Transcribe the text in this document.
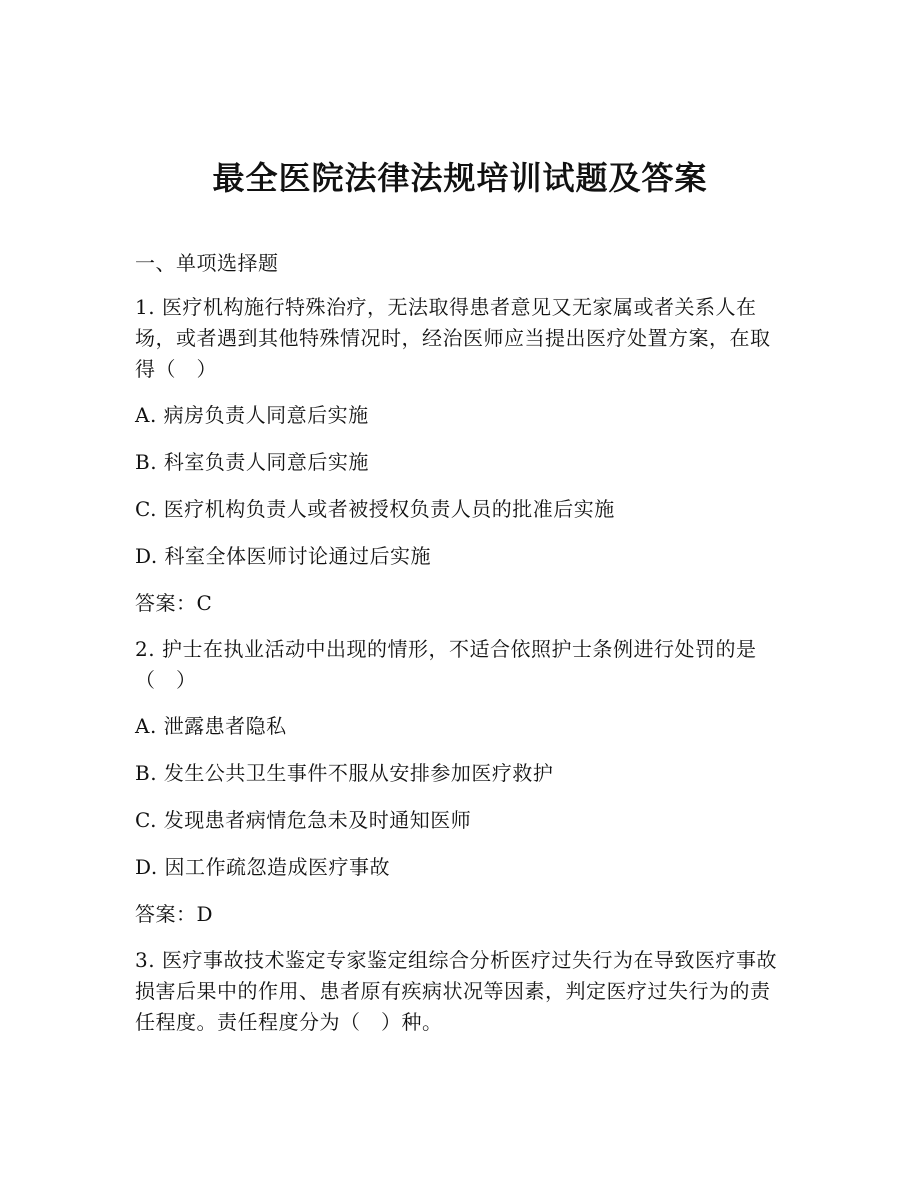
最全医院法律法规培训试题及答案
一、单项选择题
1. 医疗机构施行特殊治疗，无法取得患者意见又无家属或者关系人在场，或者遇到其他特殊情况时，经治医师应当提出医疗处置方案，在取得（　）
A. 病房负责人同意后实施
B. 科室负责人同意后实施
C. 医疗机构负责人或者被授权负责人员的批准后实施
D. 科室全体医师讨论通过后实施
答案：C
2. 护士在执业活动中出现的情形，不适合依照护士条例进行处罚的是（　）
A. 泄露患者隐私
B. 发生公共卫生事件不服从安排参加医疗救护
C. 发现患者病情危急未及时通知医师
D. 因工作疏忽造成医疗事故
答案：D
3. 医疗事故技术鉴定专家鉴定组综合分析医疗过失行为在导致医疗事故损害后果中的作用、患者原有疾病状况等因素，判定医疗过失行为的责任程度。责任程度分为（　）种。
